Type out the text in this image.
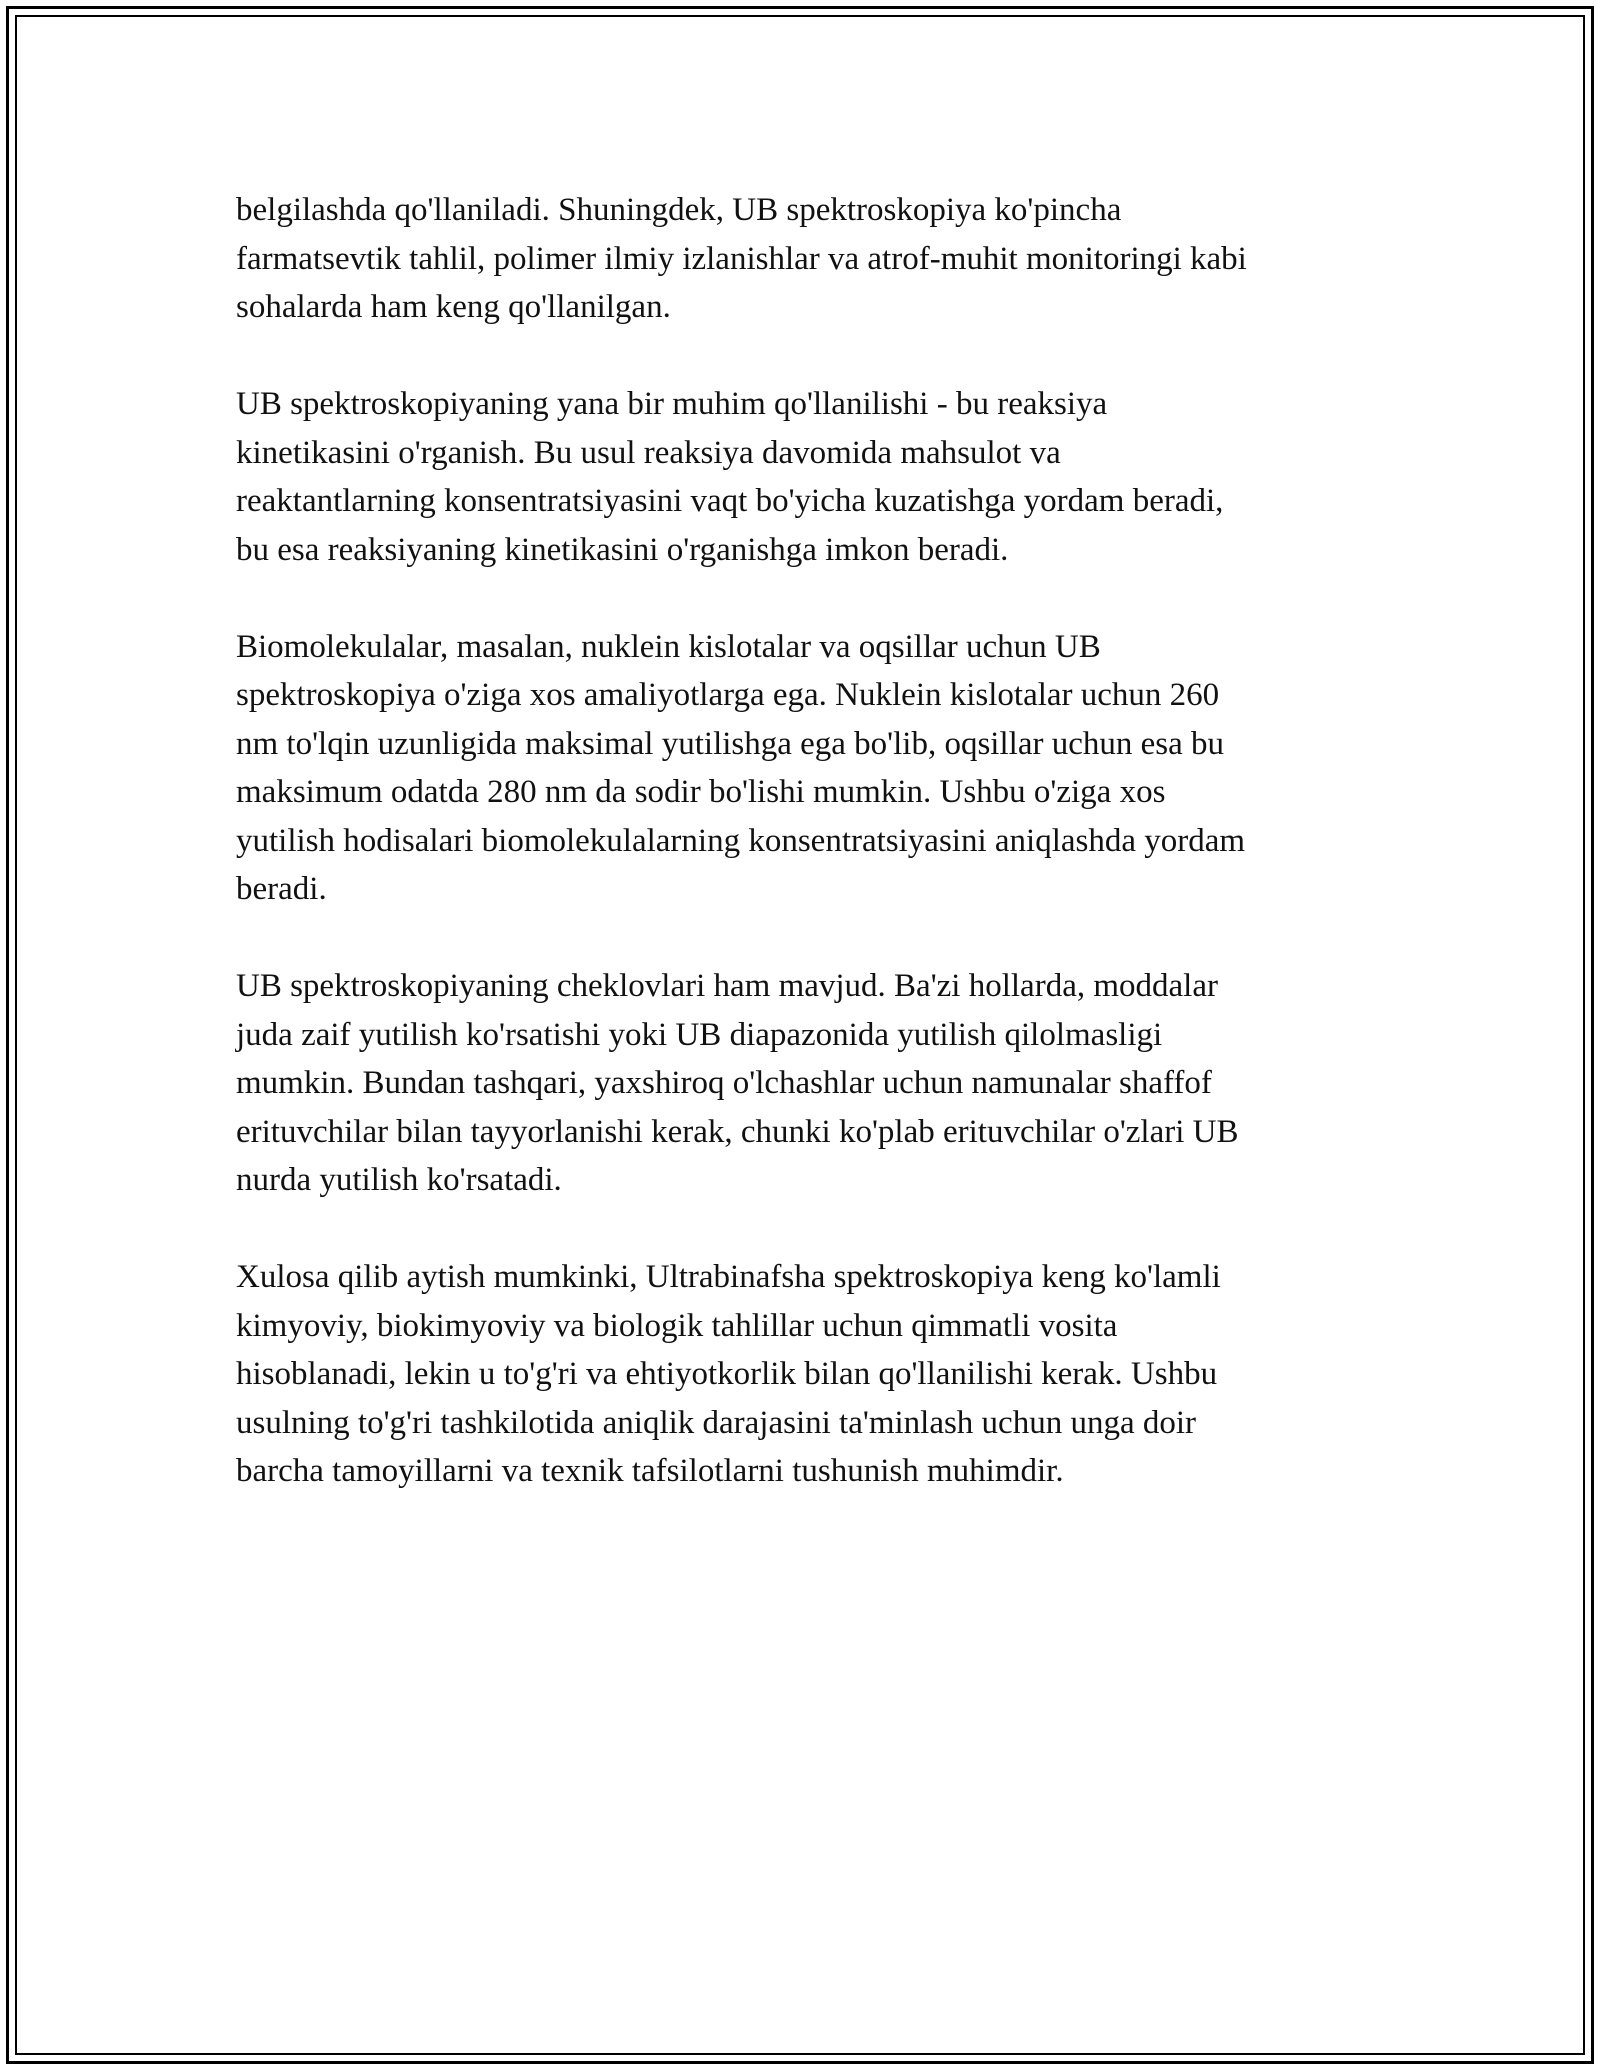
belgilashda qo'llaniladi. Shuningdek, UB spektroskopiya ko'pincha
farmatsevtik tahlil, polimer ilmiy izlanishlar va atrof-muhit monitoringi kabi
sohalarda ham keng qo'llanilgan.

UB spektroskopiyaning yana bir muhim qo'llanilishi - bu reaksiya
kinetikasini o'rganish. Bu usul reaksiya davomida mahsulot va
reaktantlarning konsentratsiyasini vaqt bo'yicha kuzatishga yordam beradi,
bu esa reaksiyaning kinetikasini o'rganishga imkon beradi.

Biomolekulalar, masalan, nuklein kislotalar va oqsillar uchun UB
spektroskopiya o'ziga xos amaliyotlarga ega. Nuklein kislotalar uchun 260
nm to'lqin uzunligida maksimal yutilishga ega bo'lib, oqsillar uchun esa bu
maksimum odatda 280 nm da sodir bo'lishi mumkin. Ushbu o'ziga xos
yutilish hodisalari biomolekulalarning konsentratsiyasini aniqlashda yordam
beradi.

UB spektroskopiyaning cheklovlari ham mavjud. Ba'zi hollarda, moddalar
juda zaif yutilish ko'rsatishi yoki UB diapazonida yutilish qilolmasligi
mumkin. Bundan tashqari, yaxshiroq o'lchashlar uchun namunalar shaffof
erituvchilar bilan tayyorlanishi kerak, chunki ko'plab erituvchilar o'zlari UB
nurda yutilish ko'rsatadi.

Xulosa qilib aytish mumkinki, Ultrabinafsha spektroskopiya keng ko'lamli
kimyoviy, biokimyoviy va biologik tahlillar uchun qimmatli vosita
hisoblanadi, lekin u to'g'ri va ehtiyotkorlik bilan qo'llanilishi kerak. Ushbu
usulning to'g'ri tashkilotida aniqlik darajasini ta'minlash uchun unga doir
barcha tamoyillarni va texnik tafsilotlarni tushunish muhimdir.
